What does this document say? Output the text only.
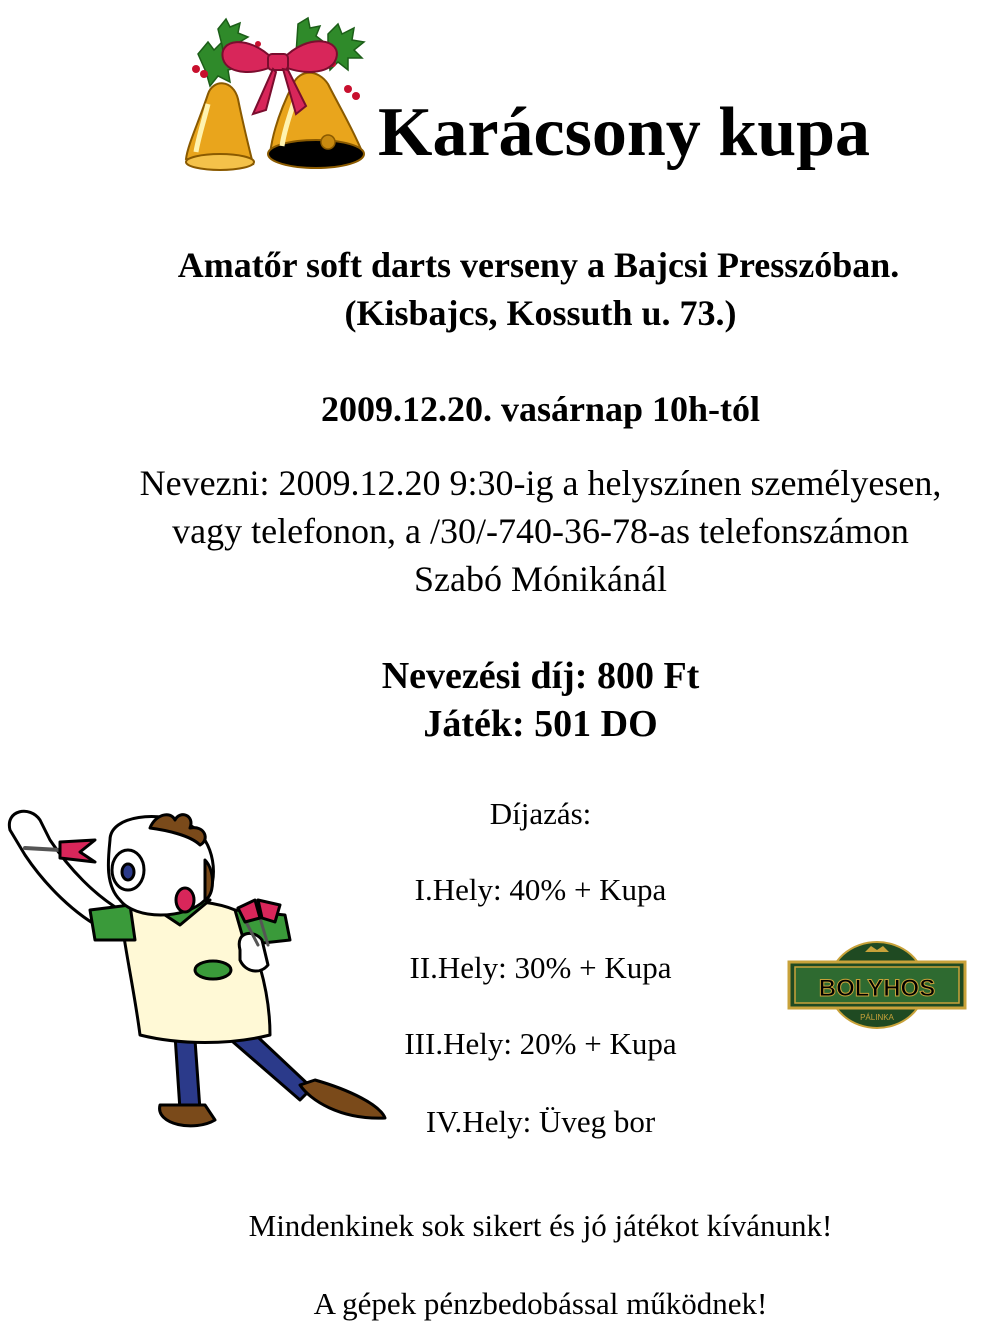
Karácsony kupa
Amatőr soft darts verseny a Bajcsi Presszóban.
(Kisbajcs, Kossuth u. 73.)
2009.12.20. vasárnap 10h-tól
Nevezni: 2009.12.20 9:30-ig a helyszínen személyesen,
vagy telefonon, a /30/-740-36-78-as telefonszámon
Szabó Mónikánál
Nevezési díj: 800 Ft
Játék: 501 DO
Díjazás:
I.Hely: 40% + Kupa
II.Hely: 30% + Kupa
III.Hely: 20% + Kupa
IV.Hely: Üveg bor
BOLYHOS
PÁLINKA
Mindenkinek sok sikert és jó játékot kívánunk!
A gépek pénzbedobással működnek!
